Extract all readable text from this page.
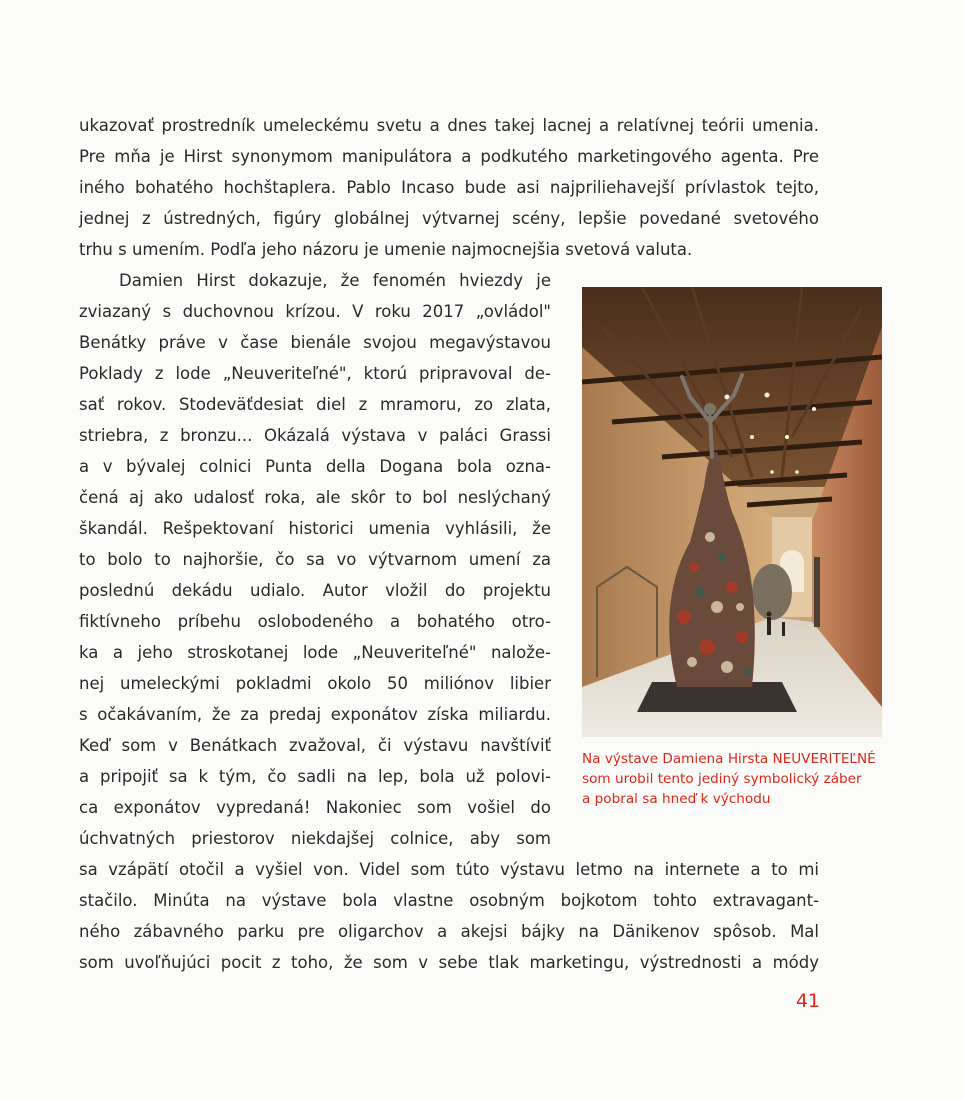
ukazovať prostredník umeleckému svetu a dnes takej lacnej a relatívnej teórii umenia.

Pre mňa je Hirst synonymom manipulátora a podkutého marketingového agenta. Pre

iného bohatého hochštaplera. Pablo Incaso bude asi najpriliehavejší prívlastok tejto,

jednej z ústredných, figúry globálnej výtvarnej scény, lepšie povedané svetového

trhu s umením. Podľa jeho názoru je umenie najmocnejšia svetová valuta.

Damien Hirst dokazuje, že fenomén hviezdy je

zviazaný s duchovnou krízou. V roku 2017 „ovládol"

Benátky práve v čase bienále svojou megavýstavou

Poklady z lode „Neuveriteľné", ktorú pripravoval de-

sať rokov. Stodeväťdesiat diel z mramoru, zo zlata,

striebra, z bronzu... Okázalá výstava v paláci Grassi

a v bývalej colnici Punta della Dogana bola ozna-

čená aj ako udalosť roka, ale skôr to bol neslýchaný

škandál. Rešpektovaní historici umenia vyhlásili, že

to bolo to najhoršie, čo sa vo výtvarnom umení za

poslednú dekádu udialo. Autor vložil do projektu

fiktívneho príbehu oslobodeného a bohatého otro-

ka a jeho stroskotanej lode „Neuveriteľné" nalože-

nej umeleckými pokladmi okolo 50 miliónov libier

s očakávaním, že za predaj exponátov získa miliardu.

Keď som v Benátkach zvažoval, či výstavu navštíviť

a pripojiť sa k tým, čo sadli na lep, bola už polovi-

ca exponátov vypredaná! Nakoniec som vošiel do

úchvatných priestorov niekdajšej colnice, aby som

sa vzápätí otočil a vyšiel von. Videl som túto výstavu letmo na internete a to mi

stačilo. Minúta na výstave bola vlastne osobným bojkotom tohto extravagant-

ného zábavného parku pre oligarchov a akejsi bájky na Dänikenov spôsob. Mal

som uvoľňujúci pocit z toho, že som v sebe tlak marketingu, výstrednosti a módy

Na výstave Damiena Hirsta NEUVERITEĽNÉ
som urobil tento jediný symbolický záber
a pobral sa hneď k východu
41
